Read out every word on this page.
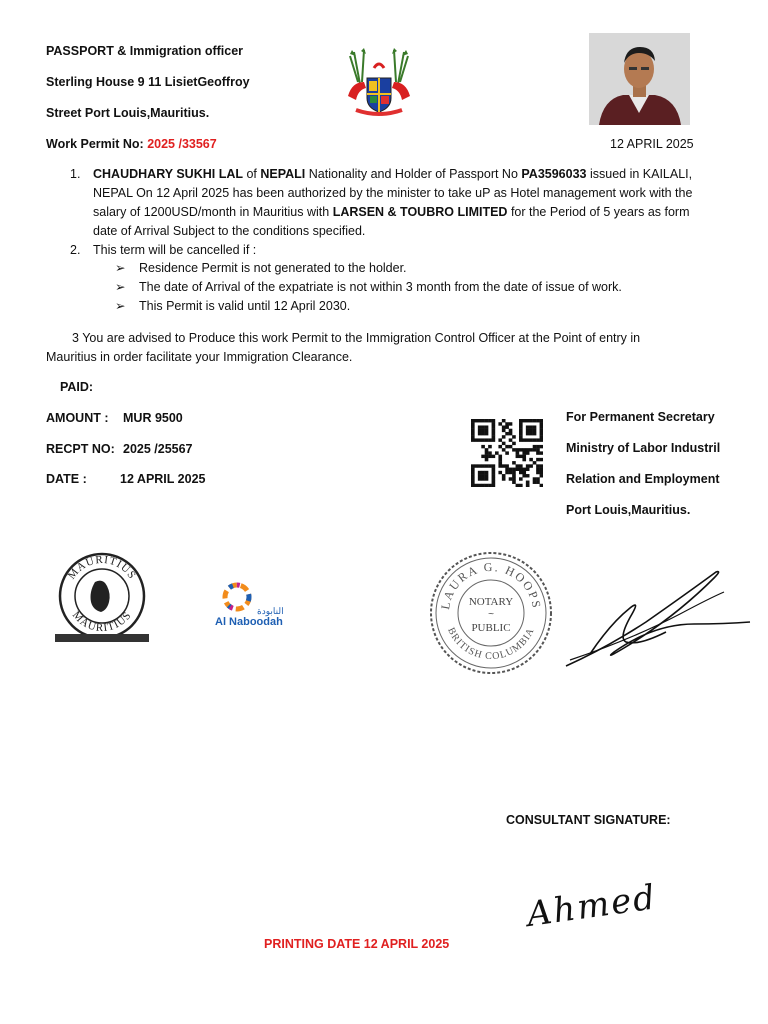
PASSPORT & Immigration officer
Sterling House 9 11 LisietGeoffroy
Street Port Louis,Mauritius.
Work Permit No: 2025 /33567	12 APRIL 2025
1. CHAUDHARY SUKHI LAL of NEPALI Nationality and Holder of Passport No PA3596033 issued in KAILALI,
NEPAL On 12 April 2025 has been authorized by the minister to take uP as Hotel management work with the
salary of 1200USD/month in Mauritius with LARSEN & TOUBRO LIMITED for the Period of 5 years as form
date of Arrival Subject to the conditions specified.
2. This term will be cancelled if :
➢ Residence Permit is not generated to the holder.
➢ The date of Arrival of the expatriate is not within 3 month from the date of issue of work.
➢ This Permit is valid until 12 April 2030.
3 You are advised to Produce this work Permit to the Immigration Control Officer at the Point of entry in
Mauritius in order facilitate your Immigration Clearance.
PAID:
AMOUNT : MUR 9500
RECPT NO: 2025 /25567
DATE :	12 APRIL 2025
For Permanent Secretary
Ministry of Labor Industril
Relation and Employment
Port Louis,Mauritius.
MAURITIUS
MAURITIUS	النابودة
Al Naboodah
LAURA G. HOOPS
BRITISH COLUMBIA
NOTARY
~
PUBLIC
CONSULTANT SIGNATURE:
Ahmed
PRINTING DATE 12 APRIL 2025
